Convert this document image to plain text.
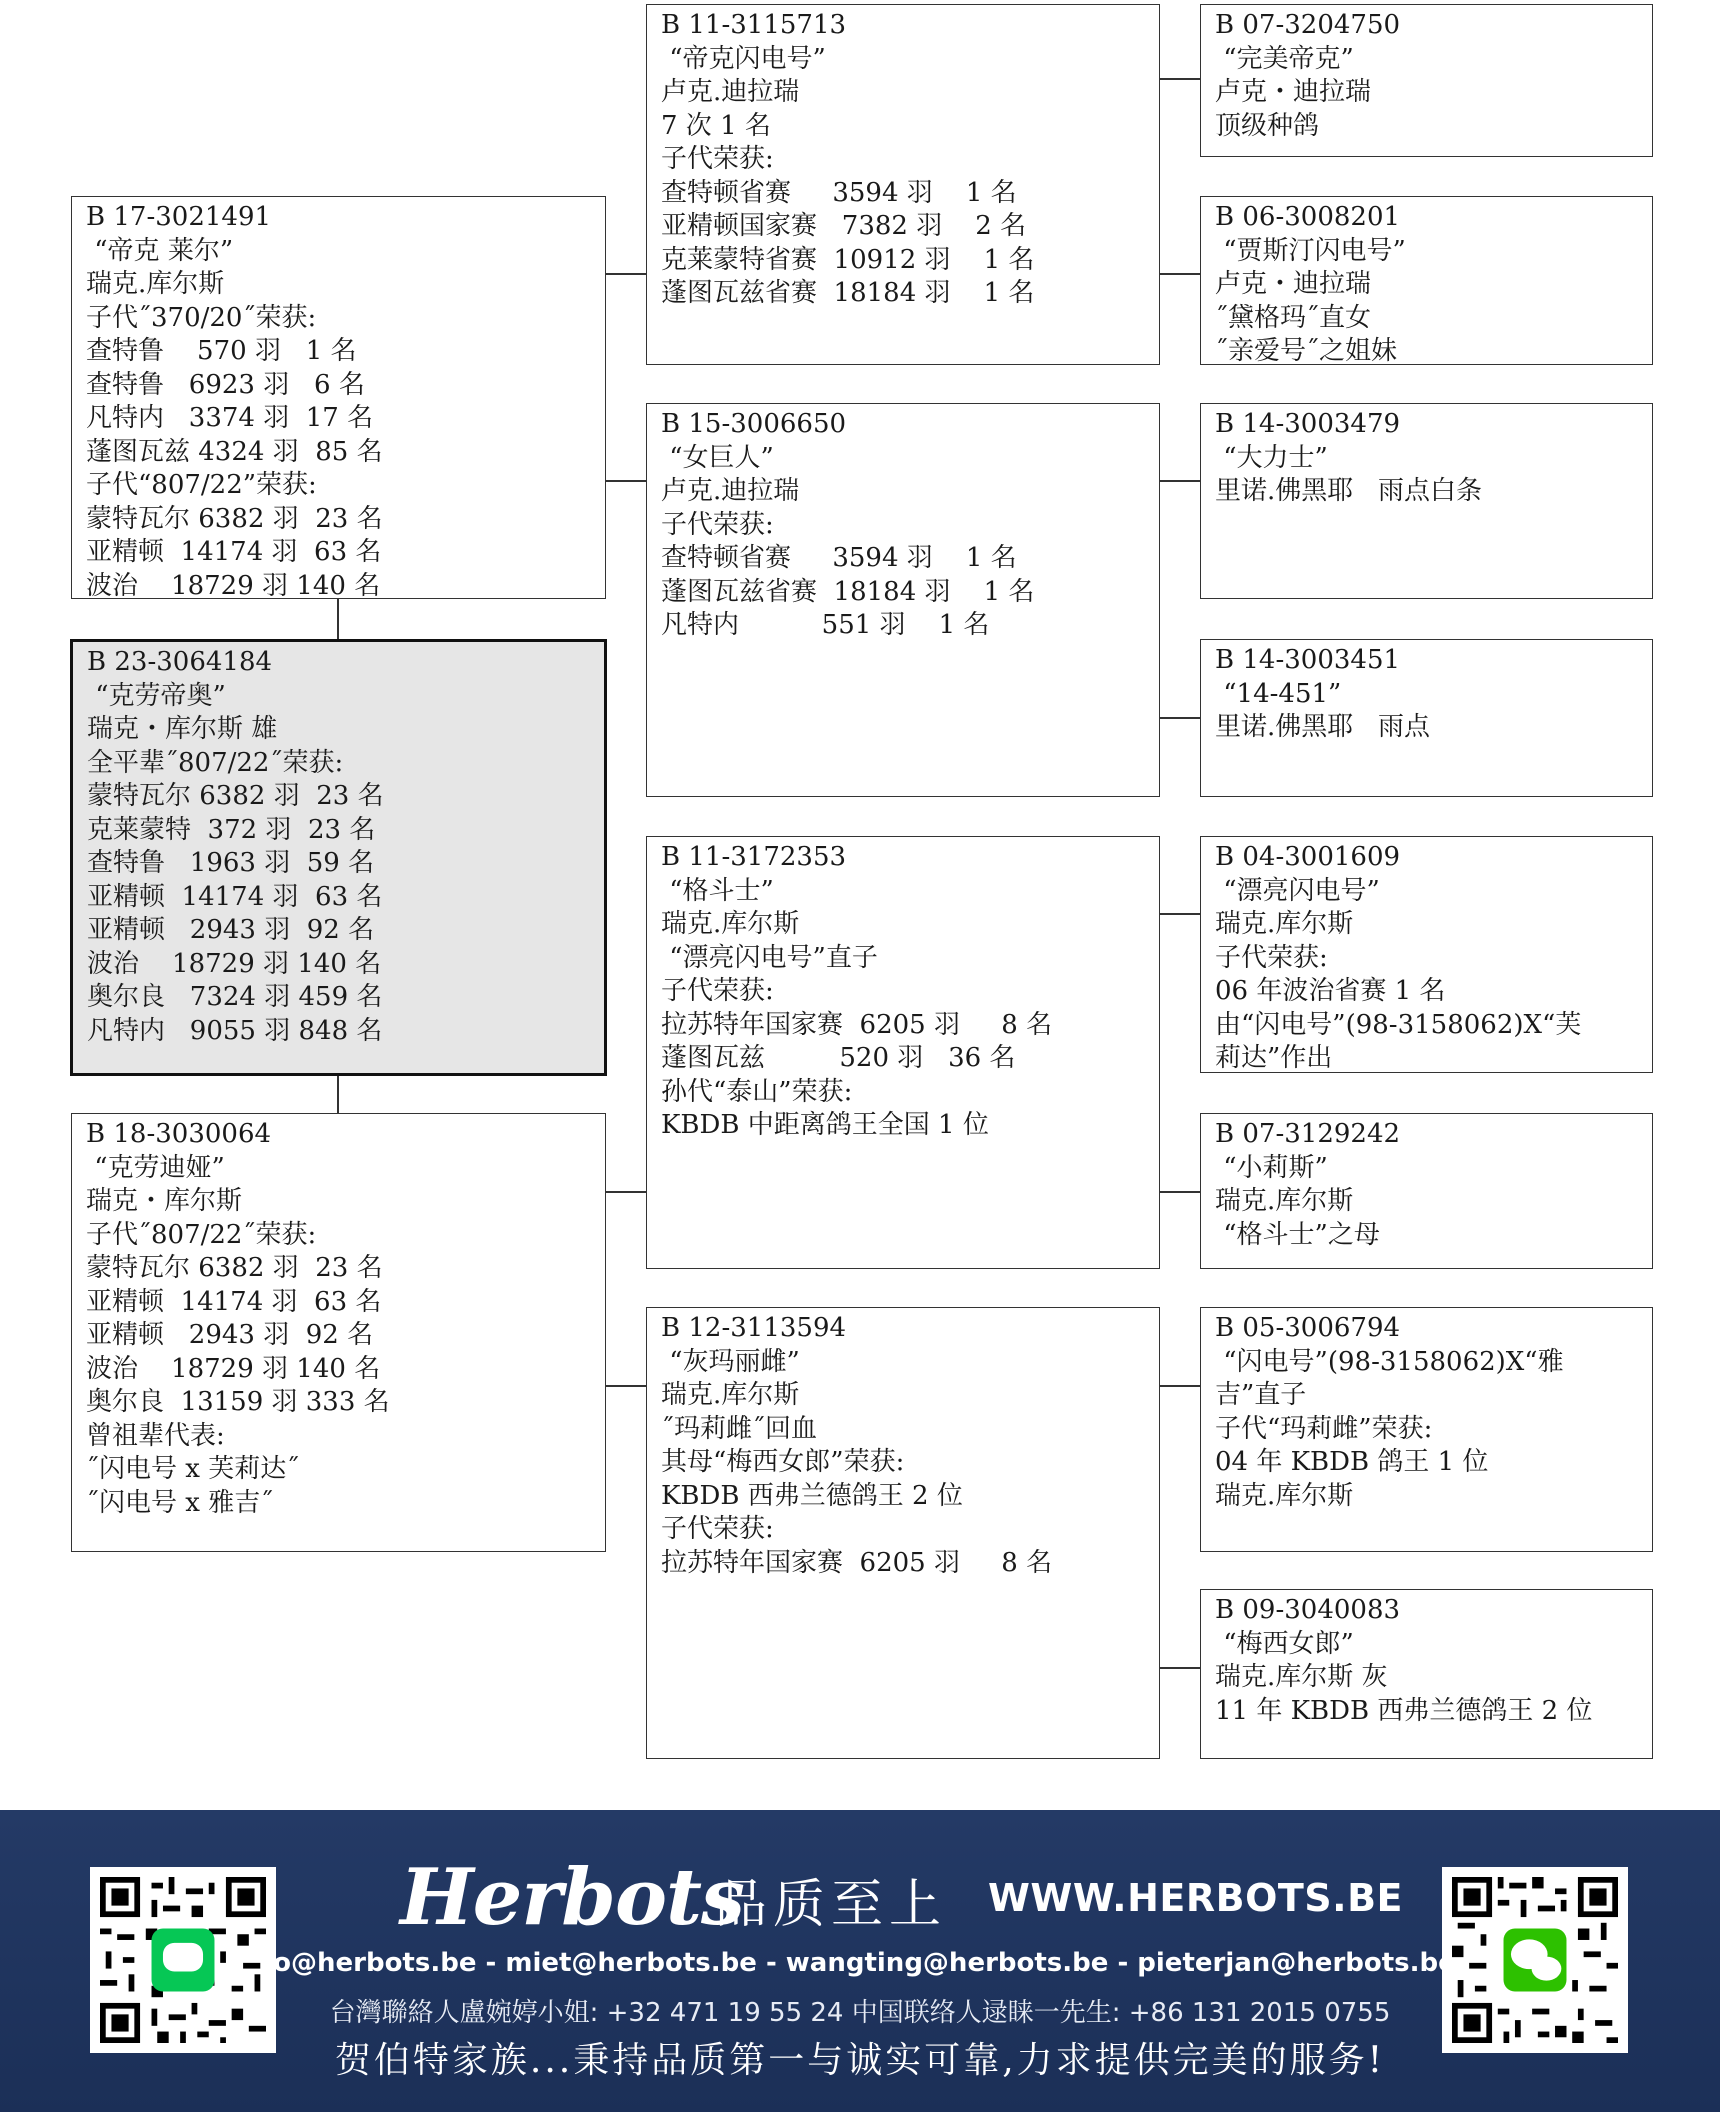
B 17-3021491
“帝克 莱尔”
瑞克.库尔斯
子代˝370/20˝荣获:
查特鲁    570 羽   1 名
查特鲁   6923 羽   6 名
凡特内   3374 羽  17 名
蓬图瓦兹 4324 羽  85 名
子代“807/22”荣获:
蒙特瓦尔 6382 羽  23 名
亚精顿  14174 羽  63 名
波治    18729 羽 140 名
B 23-3064184
“克劳帝奥”
瑞克・库尔斯 雄
全平辈˝807/22˝荣获:
蒙特瓦尔 6382 羽  23 名
克莱蒙特  372 羽  23 名
查特鲁   1963 羽  59 名
亚精顿  14174 羽  63 名
亚精顿   2943 羽  92 名
波治    18729 羽 140 名
奥尔良   7324 羽 459 名
凡特内   9055 羽 848 名
B 18-3030064
“克劳迪娅”
瑞克・库尔斯
子代˝807/22˝荣获:
蒙特瓦尔 6382 羽  23 名
亚精顿  14174 羽  63 名
亚精顿   2943 羽  92 名
波治    18729 羽 140 名
奥尔良  13159 羽 333 名
曾祖辈代表:
˝闪电号 x 芙莉达˝
˝闪电号 x 雅吉˝
B 11-3115713
“帝克闪电号”
卢克.迪拉瑞
7 次 1 名
子代荣获:
查特顿省赛     3594 羽    1 名
亚精顿国家赛   7382 羽    2 名
克莱蒙特省赛  10912 羽    1 名
蓬图瓦兹省赛  18184 羽    1 名
B 15-3006650
“女巨人”
卢克.迪拉瑞
子代荣获:
查特顿省赛     3594 羽    1 名
蓬图瓦兹省赛  18184 羽    1 名
凡特内          551 羽    1 名
B 11-3172353
“格斗士”
瑞克.库尔斯
“漂亮闪电号”直子
子代荣获:
拉苏特年国家赛  6205 羽     8 名
蓬图瓦兹         520 羽   36 名
孙代“泰山”荣获:
KBDB 中距离鸽王全国 1 位
B 12-3113594
“灰玛丽雌”
瑞克.库尔斯
˝玛莉雌˝回血
其母“梅西女郎”荣获:
KBDB 西弗兰德鸽王 2 位
子代荣获:
拉苏特年国家赛  6205 羽     8 名
B 07-3204750
“完美帝克”
卢克・迪拉瑞
顶级种鸽
B 06-3008201
“贾斯汀闪电号”
卢克・迪拉瑞
˝黛格玛˝直女
˝亲爱号˝之姐妹
B 14-3003479
“大力士”
里诺.佛黑耶   雨点白条
B 14-3003451
“14-451”
里诺.佛黑耶   雨点
B 04-3001609
“漂亮闪电号”
瑞克.库尔斯
子代荣获:
06 年波治省赛 1 名
由“闪电号”(98-3158062)X“芙
莉达”作出
B 07-3129242
“小莉斯”
瑞克.库尔斯
“格斗士”之母
B 05-3006794
“闪电号”(98-3158062)X“雅
吉”直子
子代“玛莉雌”荣获:
04 年 KBDB 鸽王 1 位
瑞克.库尔斯
B 09-3040083
“梅西女郎”
瑞克.库尔斯 灰
11 年 KBDB 西弗兰德鸽王 2 位
Herbots
品质至上 WWW.HERBOTS.BE
jo@herbots.be - miet@herbots.be - wangting@herbots.be - pieterjan@herbots.be
台灣聯絡人盧婉婷小姐: +32 471 19 55 24 中国联络人逯睐一先生: +86 131 2015 0755
贺伯特家族...秉持品质第一与诚实可靠,力求提供完美的服务!
